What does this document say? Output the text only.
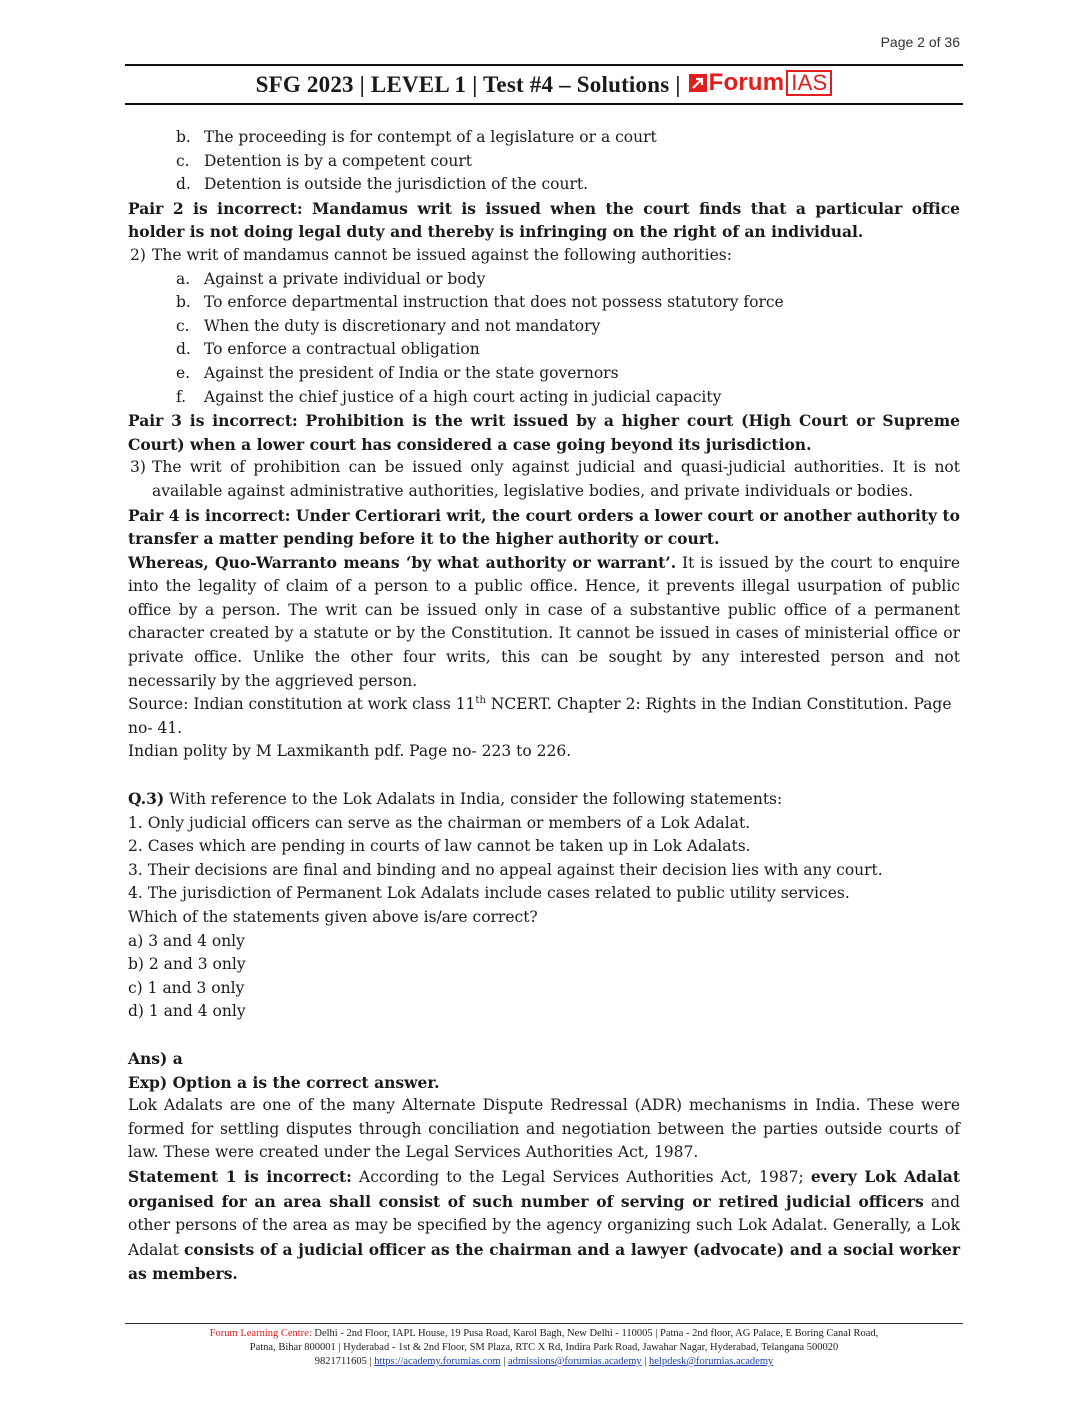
Page 2 of 36
SFG 2023 | LEVEL 1 | Test #4 – Solutions | Forum IAS
b. The proceeding is for contempt of a legislature or a court
c. Detention is by a competent court
d. Detention is outside the jurisdiction of the court.

Pair 2 is incorrect: Mandamus writ is issued when the court finds that a particular office holder is not doing legal duty and thereby is infringing on the right of an individual.

2) The writ of mandamus cannot be issued against the following authorities:

a. Against a private individual or body
b. To enforce departmental instruction that does not possess statutory force
c. When the duty is discretionary and not mandatory
d. To enforce a contractual obligation
e. Against the president of India or the state governors
f.	Against the chief justice of a high court acting in judicial capacity

Pair 3 is incorrect: Prohibition is the writ issued by a higher court (High Court or Supreme Court) when a lower court has considered a case going beyond its jurisdiction.

3) The writ of prohibition can be issued only against judicial and quasi-judicial authorities. It is not available against administrative authorities, legislative bodies, and private individuals or bodies.

Pair 4 is incorrect: Under Certiorari writ, the court orders a lower court or another authority to transfer a matter pending before it to the higher authority or court.

Whereas, Quo-Warranto means ‘by what authority or warrant’. It is issued by the court to enquire into the legality of claim of a person to a public office. Hence, it prevents illegal usurpation of public office by a person. The writ can be issued only in case of a substantive public office of a permanent character created by a statute or by the Constitution. It cannot be issued in cases of ministerial office or private office. Unlike the other four writs, this can be sought by any interested person and not necessarily by the aggrieved person.

Source: Indian constitution at work class 11th NCERT. Chapter 2: Rights in the Indian Constitution. Page no- 41.

Indian polity by M Laxmikanth pdf. Page no- 223 to 226.

Q.3) With reference to the Lok Adalats in India, consider the following statements:

1. Only judicial officers can serve as the chairman or members of a Lok Adalat.

2. Cases which are pending in courts of law cannot be taken up in Lok Adalats.

3. Their decisions are final and binding and no appeal against their decision lies with any court.

4. The jurisdiction of Permanent Lok Adalats include cases related to public utility services.

Which of the statements given above is/are correct?

a) 3 and 4 only

b) 2 and 3 only

c) 1 and 3 only

d) 1 and 4 only

Ans) a

Exp) Option a is the correct answer.

Lok Adalats are one of the many Alternate Dispute Redressal (ADR) mechanisms in India. These were formed for settling disputes through conciliation and negotiation between the parties outside courts of law. These were created under the Legal Services Authorities Act, 1987.

Statement 1 is incorrect: According to the Legal Services Authorities Act, 1987; every Lok Adalat organised for an area shall consist of such number of serving or retired judicial officers and other persons of the area as may be specified by the agency organizing such Lok Adalat. Generally, a Lok Adalat consists of a judicial officer as the chairman and a lawyer (advocate) and a social worker as members.

Forum Learning Centre: Delhi - 2nd Floor, IAPL House, 19 Pusa Road, Karol Bagh, New Delhi - 110005 | Patna - 2nd floor, AG Palace, E Boring Canal Road,
Patna, Bihar 800001 | Hyderabad - 1st & 2nd Floor, SM Plaza, RTC X Rd, Indira Park Road, Jawahar Nagar, Hyderabad, Telangana 500020
9821711605 | https://academy.forumias.com | admissions@forumias.academy | helpdesk@forumias.academy
